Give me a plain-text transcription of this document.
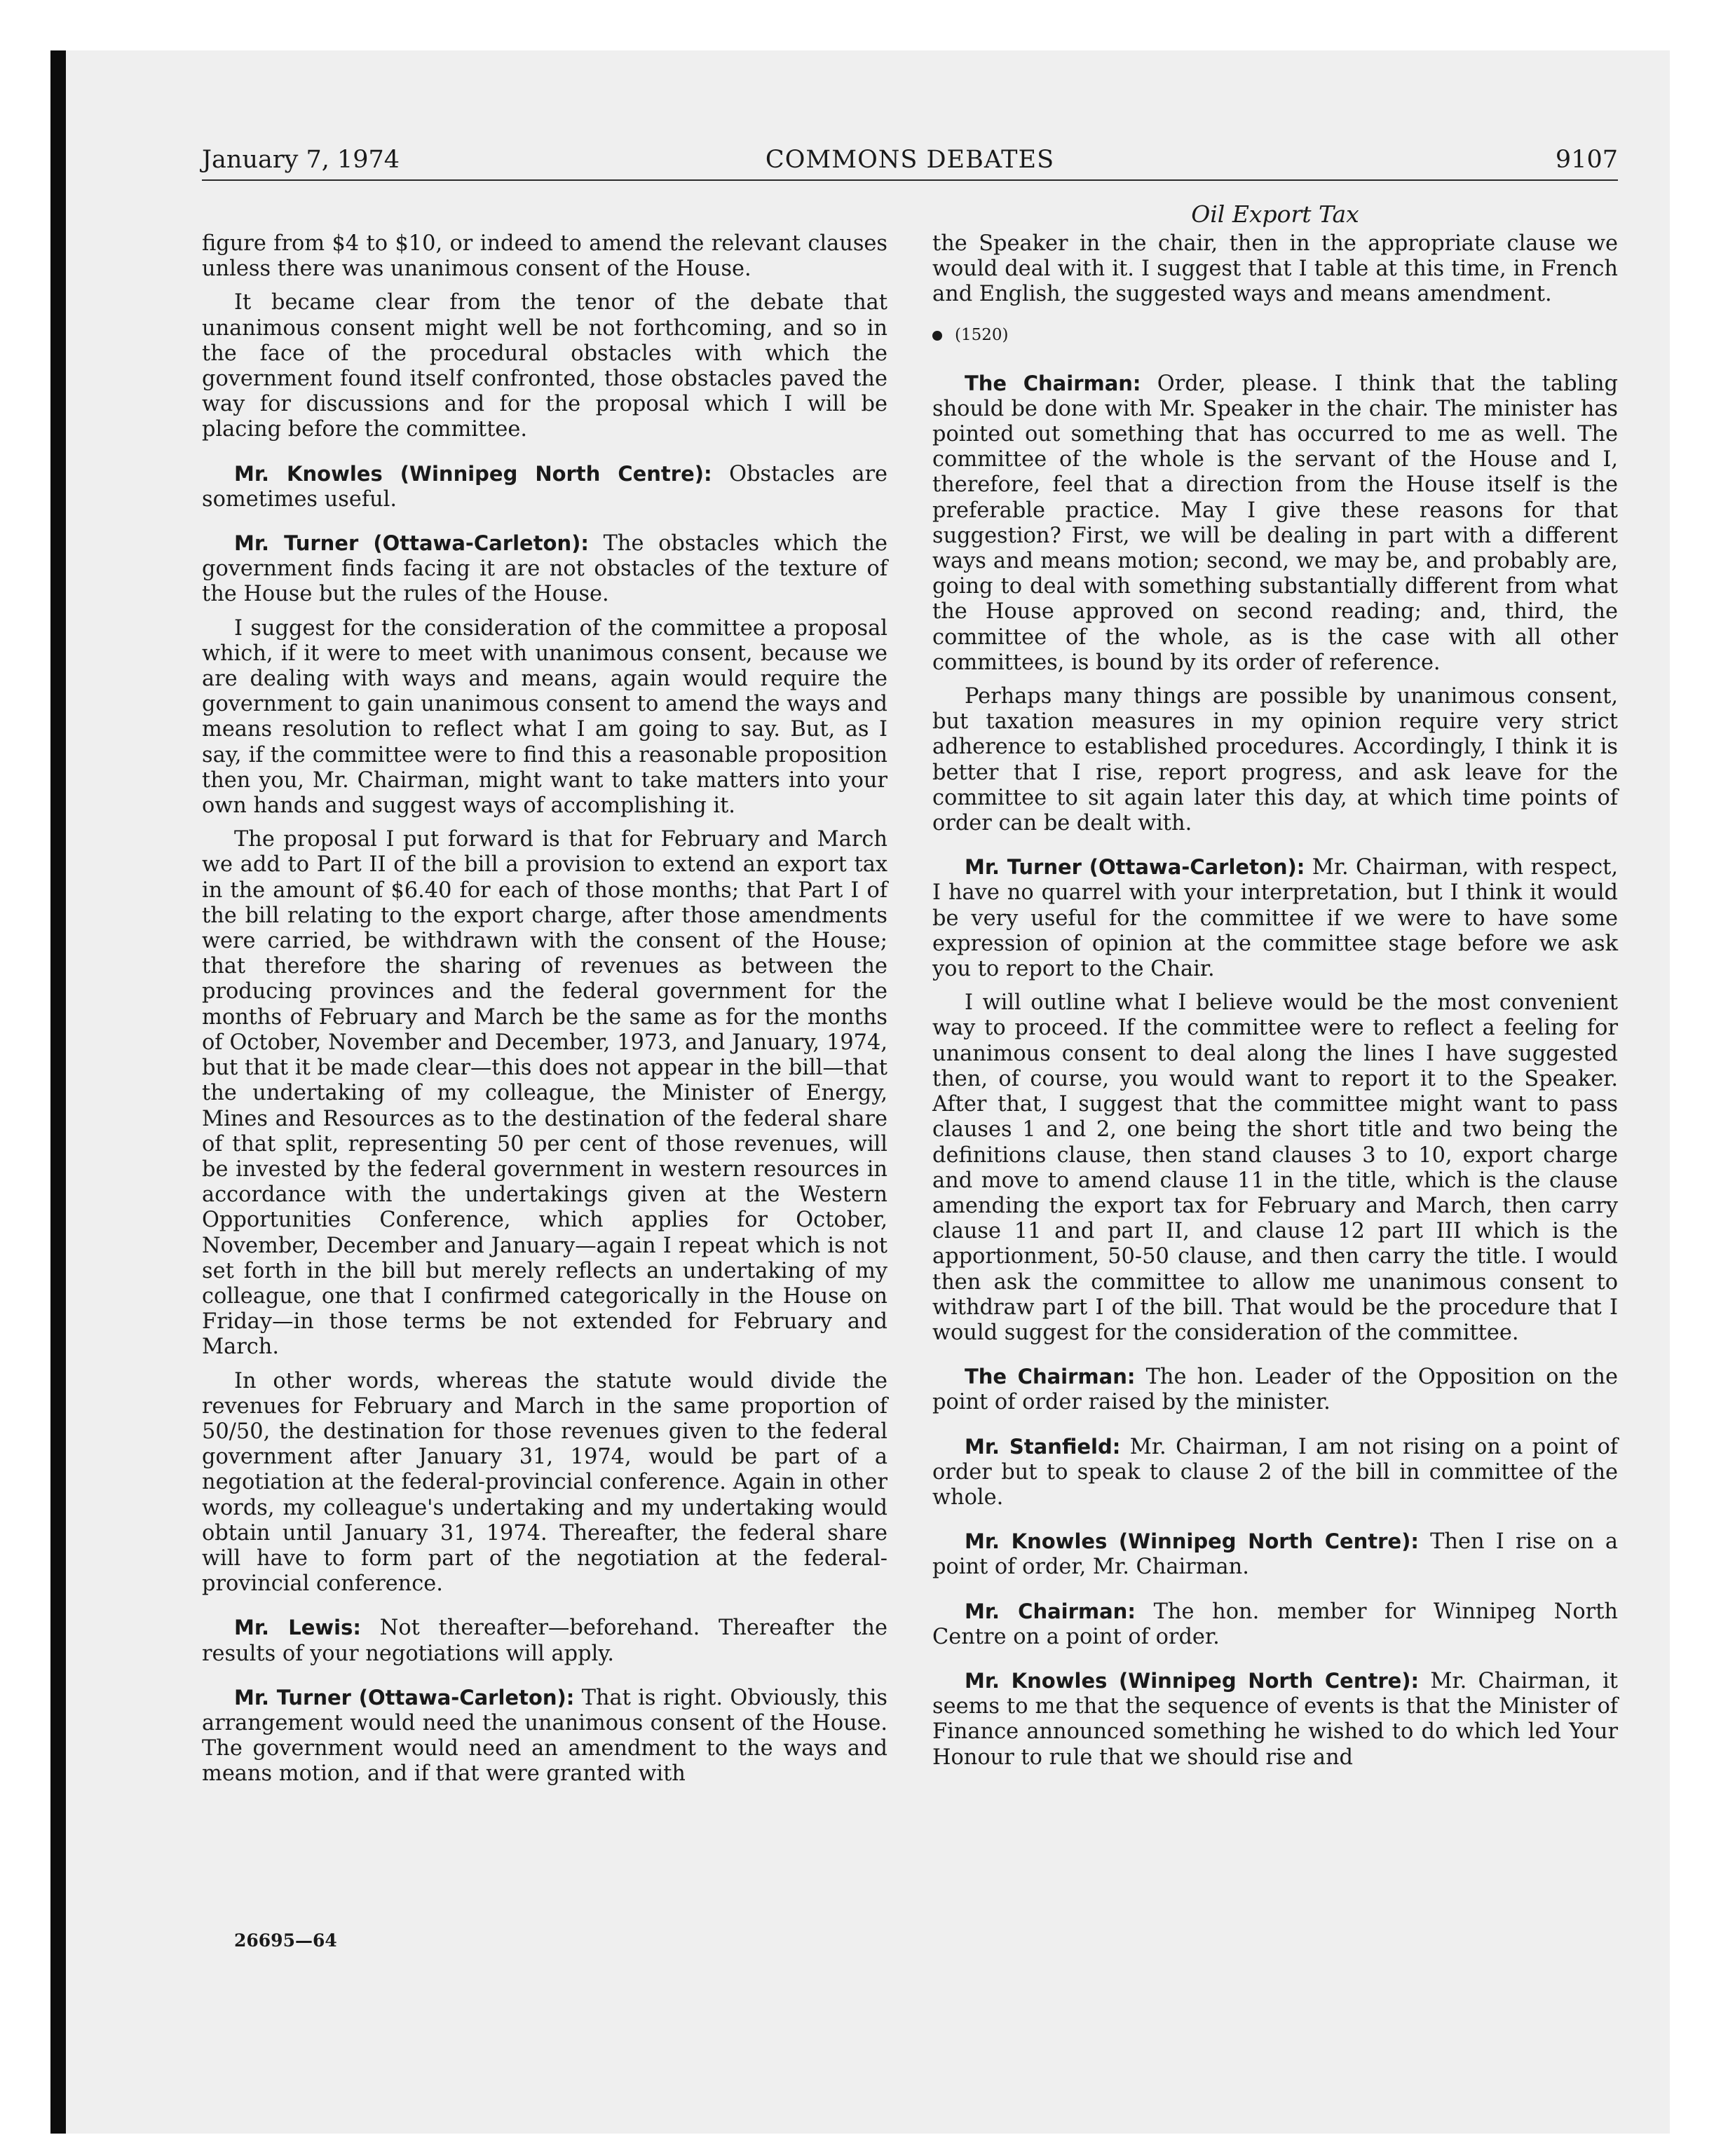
January 7, 1974	COMMONS DEBATES	9107
Oil Export Tax

figure from $4 to $10, or indeed to amend the relevant clauses unless there was unanimous consent of the House.

It became clear from the tenor of the debate that unanimous consent might well be not forthcoming, and so in the face of the procedural obstacles with which the government found itself confronted, those obstacles paved the way for discussions and for the proposal which I will be placing before the committee.

Mr. Knowles (Winnipeg North Centre): Obstacles are sometimes useful.

Mr. Turner (Ottawa-Carleton): The obstacles which the government finds facing it are not obstacles of the texture of the House but the rules of the House.

I suggest for the consideration of the committee a proposal which, if it were to meet with unanimous consent, because we are dealing with ways and means, again would require the government to gain unanimous consent to amend the ways and means resolution to reflect what I am going to say. But, as I say, if the committee were to find this a reasonable proposition then you, Mr. Chairman, might want to take matters into your own hands and suggest ways of accomplishing it.

The proposal I put forward is that for February and March we add to Part II of the bill a provision to extend an export tax in the amount of $6.40 for each of those months; that Part I of the bill relating to the export charge, after those amendments were carried, be withdrawn with the consent of the House; that therefore the sharing of revenues as between the producing provinces and the federal government for the months of February and March be the same as for the months of October, November and December, 1973, and January, 1974, but that it be made clear—this does not appear in the bill—that the undertaking of my colleague, the Minister of Energy, Mines and Resources as to the destination of the federal share of that split, representing 50 per cent of those revenues, will be invested by the federal government in western resources in accordance with the undertakings given at the Western Opportunities Conference, which applies for October, November, December and January—again I repeat which is not set forth in the bill but merely reflects an undertaking of my colleague, one that I confirmed categorically in the House on Friday—in those terms be not extended for February and March.

In other words, whereas the statute would divide the revenues for February and March in the same proportion of 50/50, the destination for those revenues given to the federal government after January 31, 1974, would be part of a negotiation at the federal-provincial conference. Again in other words, my colleague's undertaking and my undertaking would obtain until January 31, 1974. Thereafter, the federal share will have to form part of the negotiation at the federal-provincial conference.

Mr. Lewis: Not thereafter—beforehand. Thereafter the results of your negotiations will apply.

Mr. Turner (Ottawa-Carleton): That is right. Obviously, this arrangement would need the unanimous consent of the House. The government would need an amendment to the ways and means motion, and if that were granted with

the Speaker in the chair, then in the appropriate clause we would deal with it. I suggest that I table at this time, in French and English, the suggested ways and means amendment.

(1520)

The Chairman: Order, please. I think that the tabling should be done with Mr. Speaker in the chair. The minister has pointed out something that has occurred to me as well. The committee of the whole is the servant of the House and I, therefore, feel that a direction from the House itself is the preferable practice. May I give these reasons for that suggestion? First, we will be dealing in part with a different ways and means motion; second, we may be, and probably are, going to deal with something substantially different from what the House approved on second reading; and, third, the committee of the whole, as is the case with all other committees, is bound by its order of reference.

Perhaps many things are possible by unanimous consent, but taxation measures in my opinion require very strict adherence to established procedures. Accordingly, I think it is better that I rise, report progress, and ask leave for the committee to sit again later this day, at which time points of order can be dealt with.

Mr. Turner (Ottawa-Carleton): Mr. Chairman, with respect, I have no quarrel with your interpretation, but I think it would be very useful for the committee if we were to have some expression of opinion at the committee stage before we ask you to report to the Chair.

I will outline what I believe would be the most convenient way to proceed. If the committee were to reflect a feeling for unanimous consent to deal along the lines I have suggested then, of course, you would want to report it to the Speaker. After that, I suggest that the committee might want to pass clauses 1 and 2, one being the short title and two being the definitions clause, then stand clauses 3 to 10, export charge and move to amend clause 11 in the title, which is the clause amending the export tax for February and March, then carry clause 11 and part II, and clause 12 part III which is the apportionment, 50-50 clause, and then carry the title. I would then ask the committee to allow me unanimous consent to withdraw part I of the bill. That would be the procedure that I would suggest for the consideration of the committee.

The Chairman: The hon. Leader of the Opposition on the point of order raised by the minister.

Mr. Stanfield: Mr. Chairman, I am not rising on a point of order but to speak to clause 2 of the bill in committee of the whole.

Mr. Knowles (Winnipeg North Centre): Then I rise on a point of order, Mr. Chairman.

Mr. Chairman: The hon. member for Winnipeg North Centre on a point of order.

Mr. Knowles (Winnipeg North Centre): Mr. Chairman, it seems to me that the sequence of events is that the Minister of Finance announced something he wished to do which led Your Honour to rule that we should rise and

26695—64
